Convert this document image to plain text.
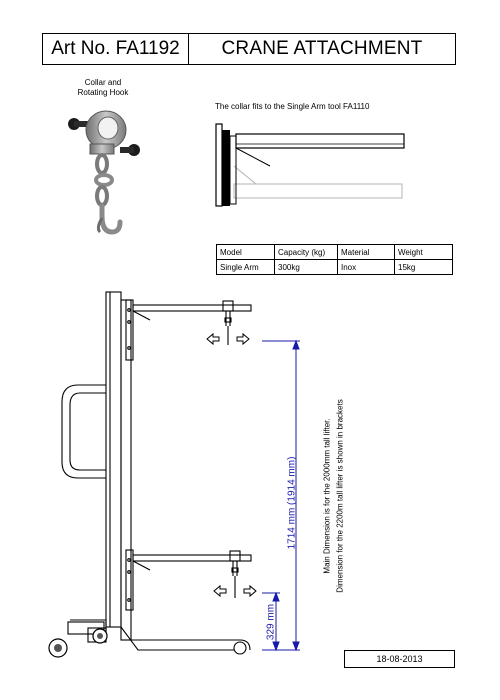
Art No. FA1192	CRANE ATTACHMENT
Collar and
Rotating Hook
The collar fits to the Single Arm tool FA1110
Model	Capacity (kg)	Material	Weight
Single Arm	300kg	Inox	15kg
1714 mm (1914 mm)
329 mm
Main Dimension is for the 2000mm tall lifter. Dimension for the 2200m tall lifter is shown in brackets
18-08-2013
